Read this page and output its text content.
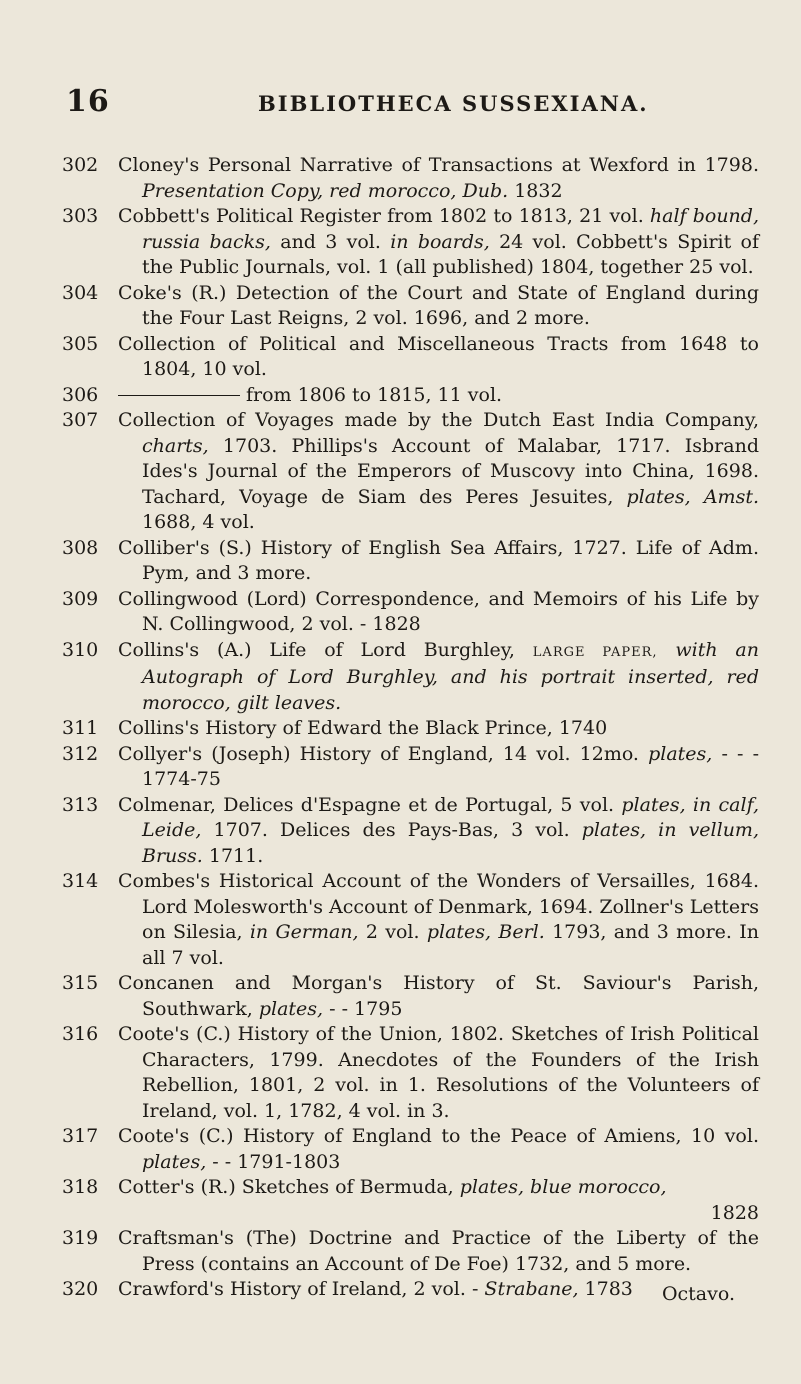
16	BIBLIOTHECA SUSSEXIANA.
302 Cloney's Personal Narrative of Transactions at Wexford in 1798. Presentation Copy, red morocco, Dub. 1832
303 Cobbett's Political Register from 1802 to 1813, 21 vol. half bound, russia backs, and 3 vol. in boards, 24 vol. Cobbett's Spirit of the Public Journals, vol. 1 (all published) 1804, together 25 vol.
304 Coke's (R.) Detection of the Court and State of England during the Four Last Reigns, 2 vol. 1696, and 2 more.
305 Collection of Political and Miscellaneous Tracts from 1648 to 1804, 10 vol.
306	from 1806 to 1815, 11 vol.
307 Collection of Voyages made by the Dutch East India Company, charts, 1703. Phillips's Account of Malabar, 1717. Isbrand Ides's Journal of the Emperors of Muscovy into China, 1698. Tachard, Voyage de Siam des Peres Jesuites, plates, Amst. 1688, 4 vol.
308 Colliber's (S.) History of English Sea Affairs, 1727. Life of Adm. Pym, and 3 more.
309 Collingwood (Lord) Correspondence, and Memoirs of his Life by N. Collingwood, 2 vol. - 1828
310 Collins's (A.) Life of Lord Burghley, LARGE PAPER, with an Autograph of Lord Burghley, and his portrait inserted, red morocco, gilt leaves.
311 Collins's History of Edward the Black Prince, 1740
312 Collyer's (Joseph) History of England, 14 vol. 12mo. plates, - - - 1774-75
313 Colmenar, Delices d'Espagne et de Portugal, 5 vol. plates, in calf, Leide, 1707. Delices des Pays-Bas, 3 vol. plates, in vellum, Bruss. 1711.
314 Combes's Historical Account of the Wonders of Versailles, 1684. Lord Molesworth's Account of Denmark, 1694. Zollner's Letters on Silesia, in German, 2 vol. plates, Berl. 1793, and 3 more. In all 7 vol.
315 Concanen and Morgan's History of St. Saviour's Parish, Southwark, plates, - - 1795
316 Coote's (C.) History of the Union, 1802. Sketches of Irish Political Characters, 1799. Anecdotes of the Founders of the Irish Rebellion, 1801, 2 vol. in 1. Resolutions of the Volunteers of Ireland, vol. 1, 1782, 4 vol. in 3.
317 Coote's (C.) History of England to the Peace of Amiens, 10 vol. plates, - - 1791-1803
318 Cotter's (R.) Sketches of Bermuda, plates, blue morocco,
1828
319 Craftsman's (The) Doctrine and Practice of the Liberty of the Press (contains an Account of De Foe) 1732, and 5 more.
320 Crawford's History of Ireland, 2 vol. - Strabane, 1783	Octavo.
